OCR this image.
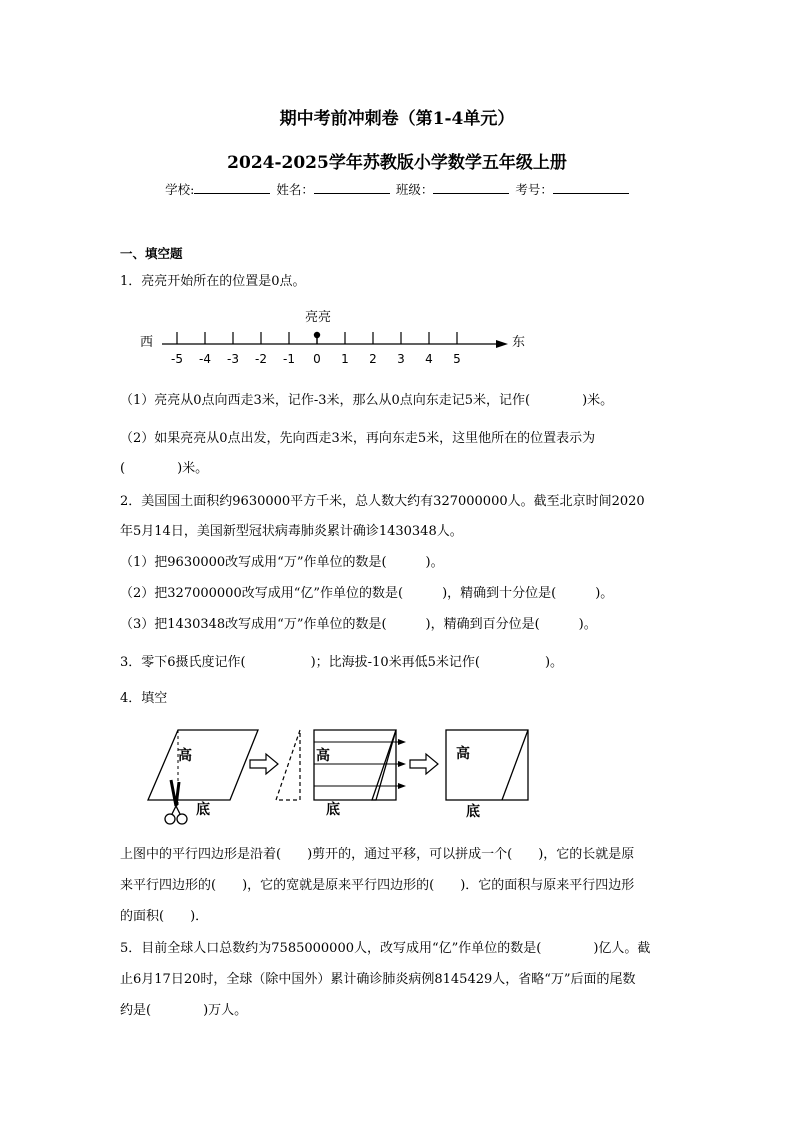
期中考前冲刺卷（第1-4单元）
2024-2025学年苏教版小学数学五年级上册
学校:	姓名：	班级：	考号：
一、填空题
1．亮亮开始所在的位置是0点。
西	东
-5 -4 -3 -2 -1 0 1 2 3 4 5
亮亮
（1）亮亮从0点向西走3米，记作-3米，那么从0点向东走记5米，记作(　　　　)米。
（2）如果亮亮从0点出发，先向西走3米，再向东走5米，这里他所在的位置表示为
(　　　　)米。
2．美国国土面积约9630000平方千米，总人数大约有327000000人。截至北京时间2020
年5月14日，美国新型冠状病毒肺炎累计确诊1430348人。
（1）把9630000改写成用“万”作单位的数是(　　　)。
（2）把327000000改写成用“亿”作单位的数是(　　　)，精确到十分位是(　　　)。
（3）把1430348改写成用“万”作单位的数是(　　　)，精确到百分位是(　　　)。
3．零下6摄氏度记作(　　　　　)；比海拔-10米再低5米记作(　　　　　)。
4．填空
高
底
高
底
高
底
上图中的平行四边形是沿着(　　)剪开的，通过平移，可以拼成一个(　　)，它的长就是原
来平行四边形的(　　)，它的宽就是原来平行四边形的(　　)．它的面积与原来平行四边形
的面积(　　)．
5．目前全球人口总数约为7585000000人，改写成用“亿”作单位的数是(　　　　)亿人。截
止6月17日20时，全球（除中国外）累计确诊肺炎病例8145429人，省略“万”后面的尾数
约是(　　　　)万人。
